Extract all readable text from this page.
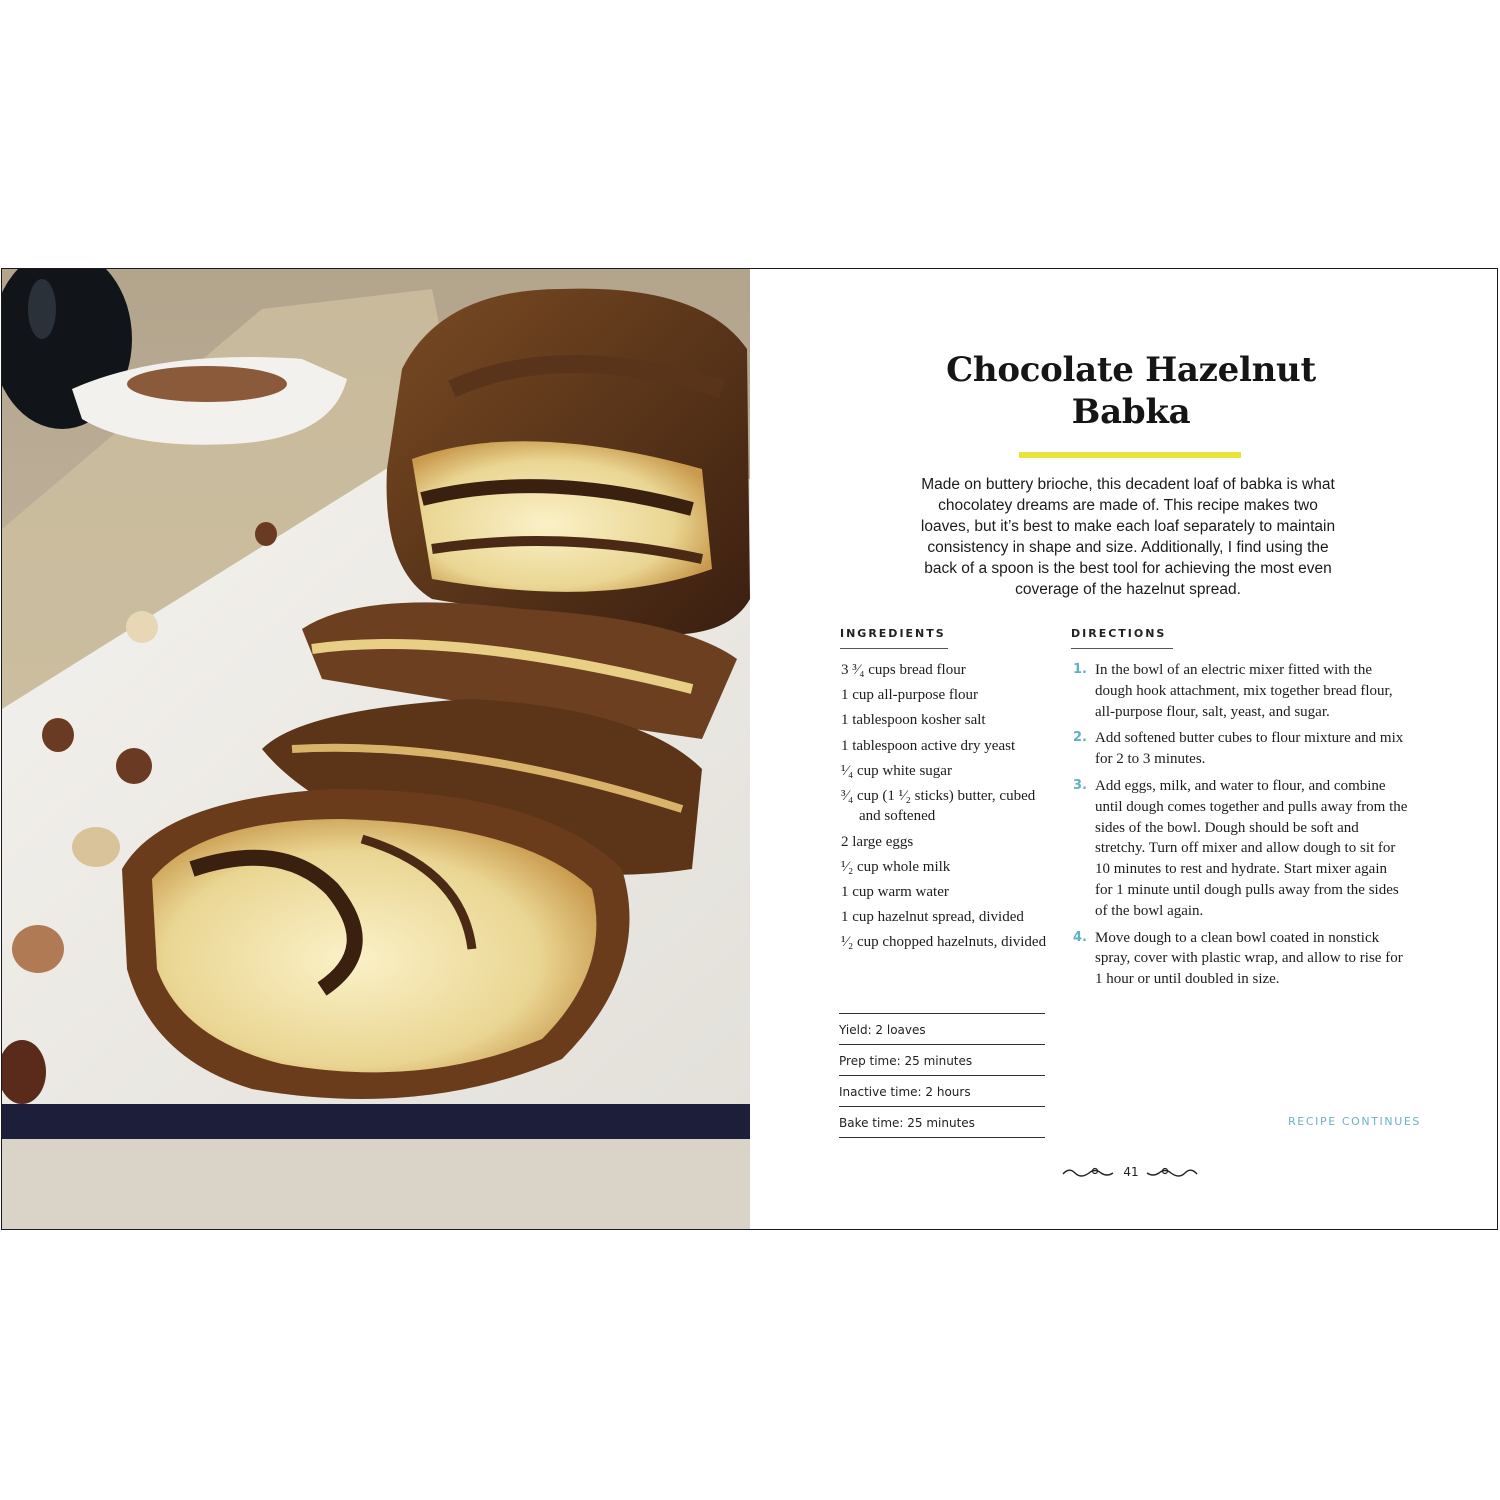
Chocolate Hazelnut
Babka

Made on buttery brioche, this decadent loaf of babka is what chocolatey dreams are made of. This recipe makes two loaves, but it’s best to make each loaf separately to maintain consistency in shape and size. Additionally, I find using the back of a spoon is the best tool for achieving the most even coverage of the hazelnut spread.

INGREDIENTS	DIRECTIONS
3 ³⁄₄ cups bread flour
1 cup all-purpose flour
1 tablespoon kosher salt
1 tablespoon active dry yeast
¹⁄₄ cup white sugar
³⁄₄ cup (1 ¹⁄₂ sticks) butter, cubed and softened
2 large eggs
¹⁄₂ cup whole milk
1 cup warm water
1 cup hazelnut spread, divided
¹⁄₂ cup chopped hazelnuts, divided
Yield: 2 loaves
Prep time: 25 minutes
Inactive time: 2 hours
Bake time: 25 minutes
1. In the bowl of an electric mixer fitted with the dough hook attachment, mix together bread flour, all-purpose flour, salt, yeast, and sugar.
2. Add softened butter cubes to flour mixture and mix for 2 to 3 minutes.
3. Add eggs, milk, and water to flour, and combine until dough comes together and pulls away from the sides of the bowl. Dough should be soft and stretchy. Turn off mixer and allow dough to sit for 10 minutes to rest and hydrate. Start mixer again for 1 minute until dough pulls away from the sides of the bowl again.
4. Move dough to a clean bowl coated in nonstick spray, cover with plastic wrap, and allow to rise for 1 hour or until doubled in size.
RECIPE CONTINUES
41
